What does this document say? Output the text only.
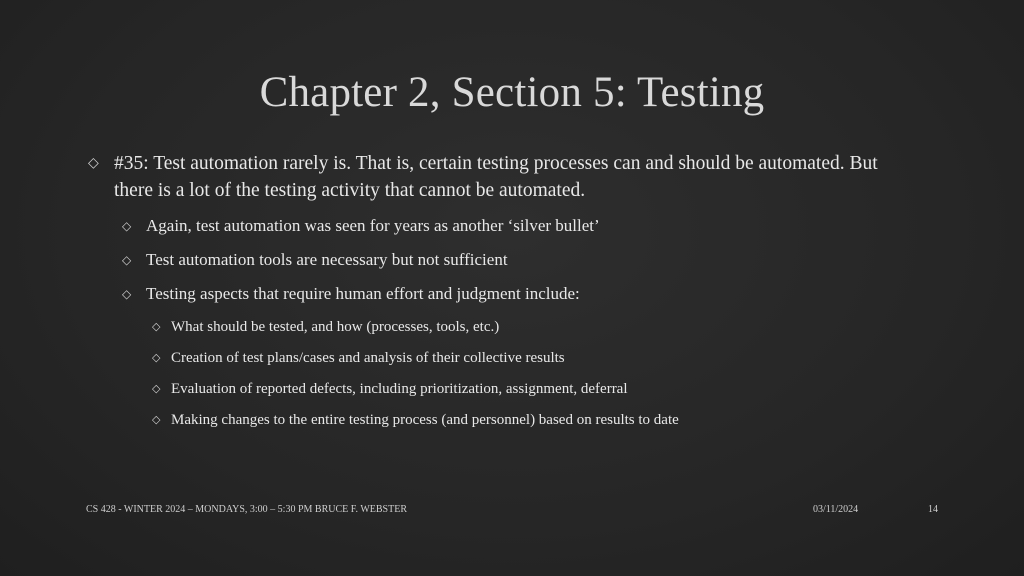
Chapter 2, Section 5: Testing
◇ #35: Test automation rarely is. That is, certain testing processes can and should be automated. But there is a lot of the testing activity that cannot be automated.
◇ Again, test automation was seen for years as another ‘silver bullet’
◇ Test automation tools are necessary but not sufficient
◇ Testing aspects that require human effort and judgment include:
◇ What should be tested, and how (processes, tools, etc.)
◇ Creation of test plans/cases and analysis of their collective results
◇ Evaluation of reported defects, including prioritization, assignment, deferral
◇ Making changes to the entire testing process (and personnel) based on results to date
CS 428 - WINTER 2024 – MONDAYS, 3:00 – 5:30 PM BRUCE F. WEBSTER	03/11/2024	14
